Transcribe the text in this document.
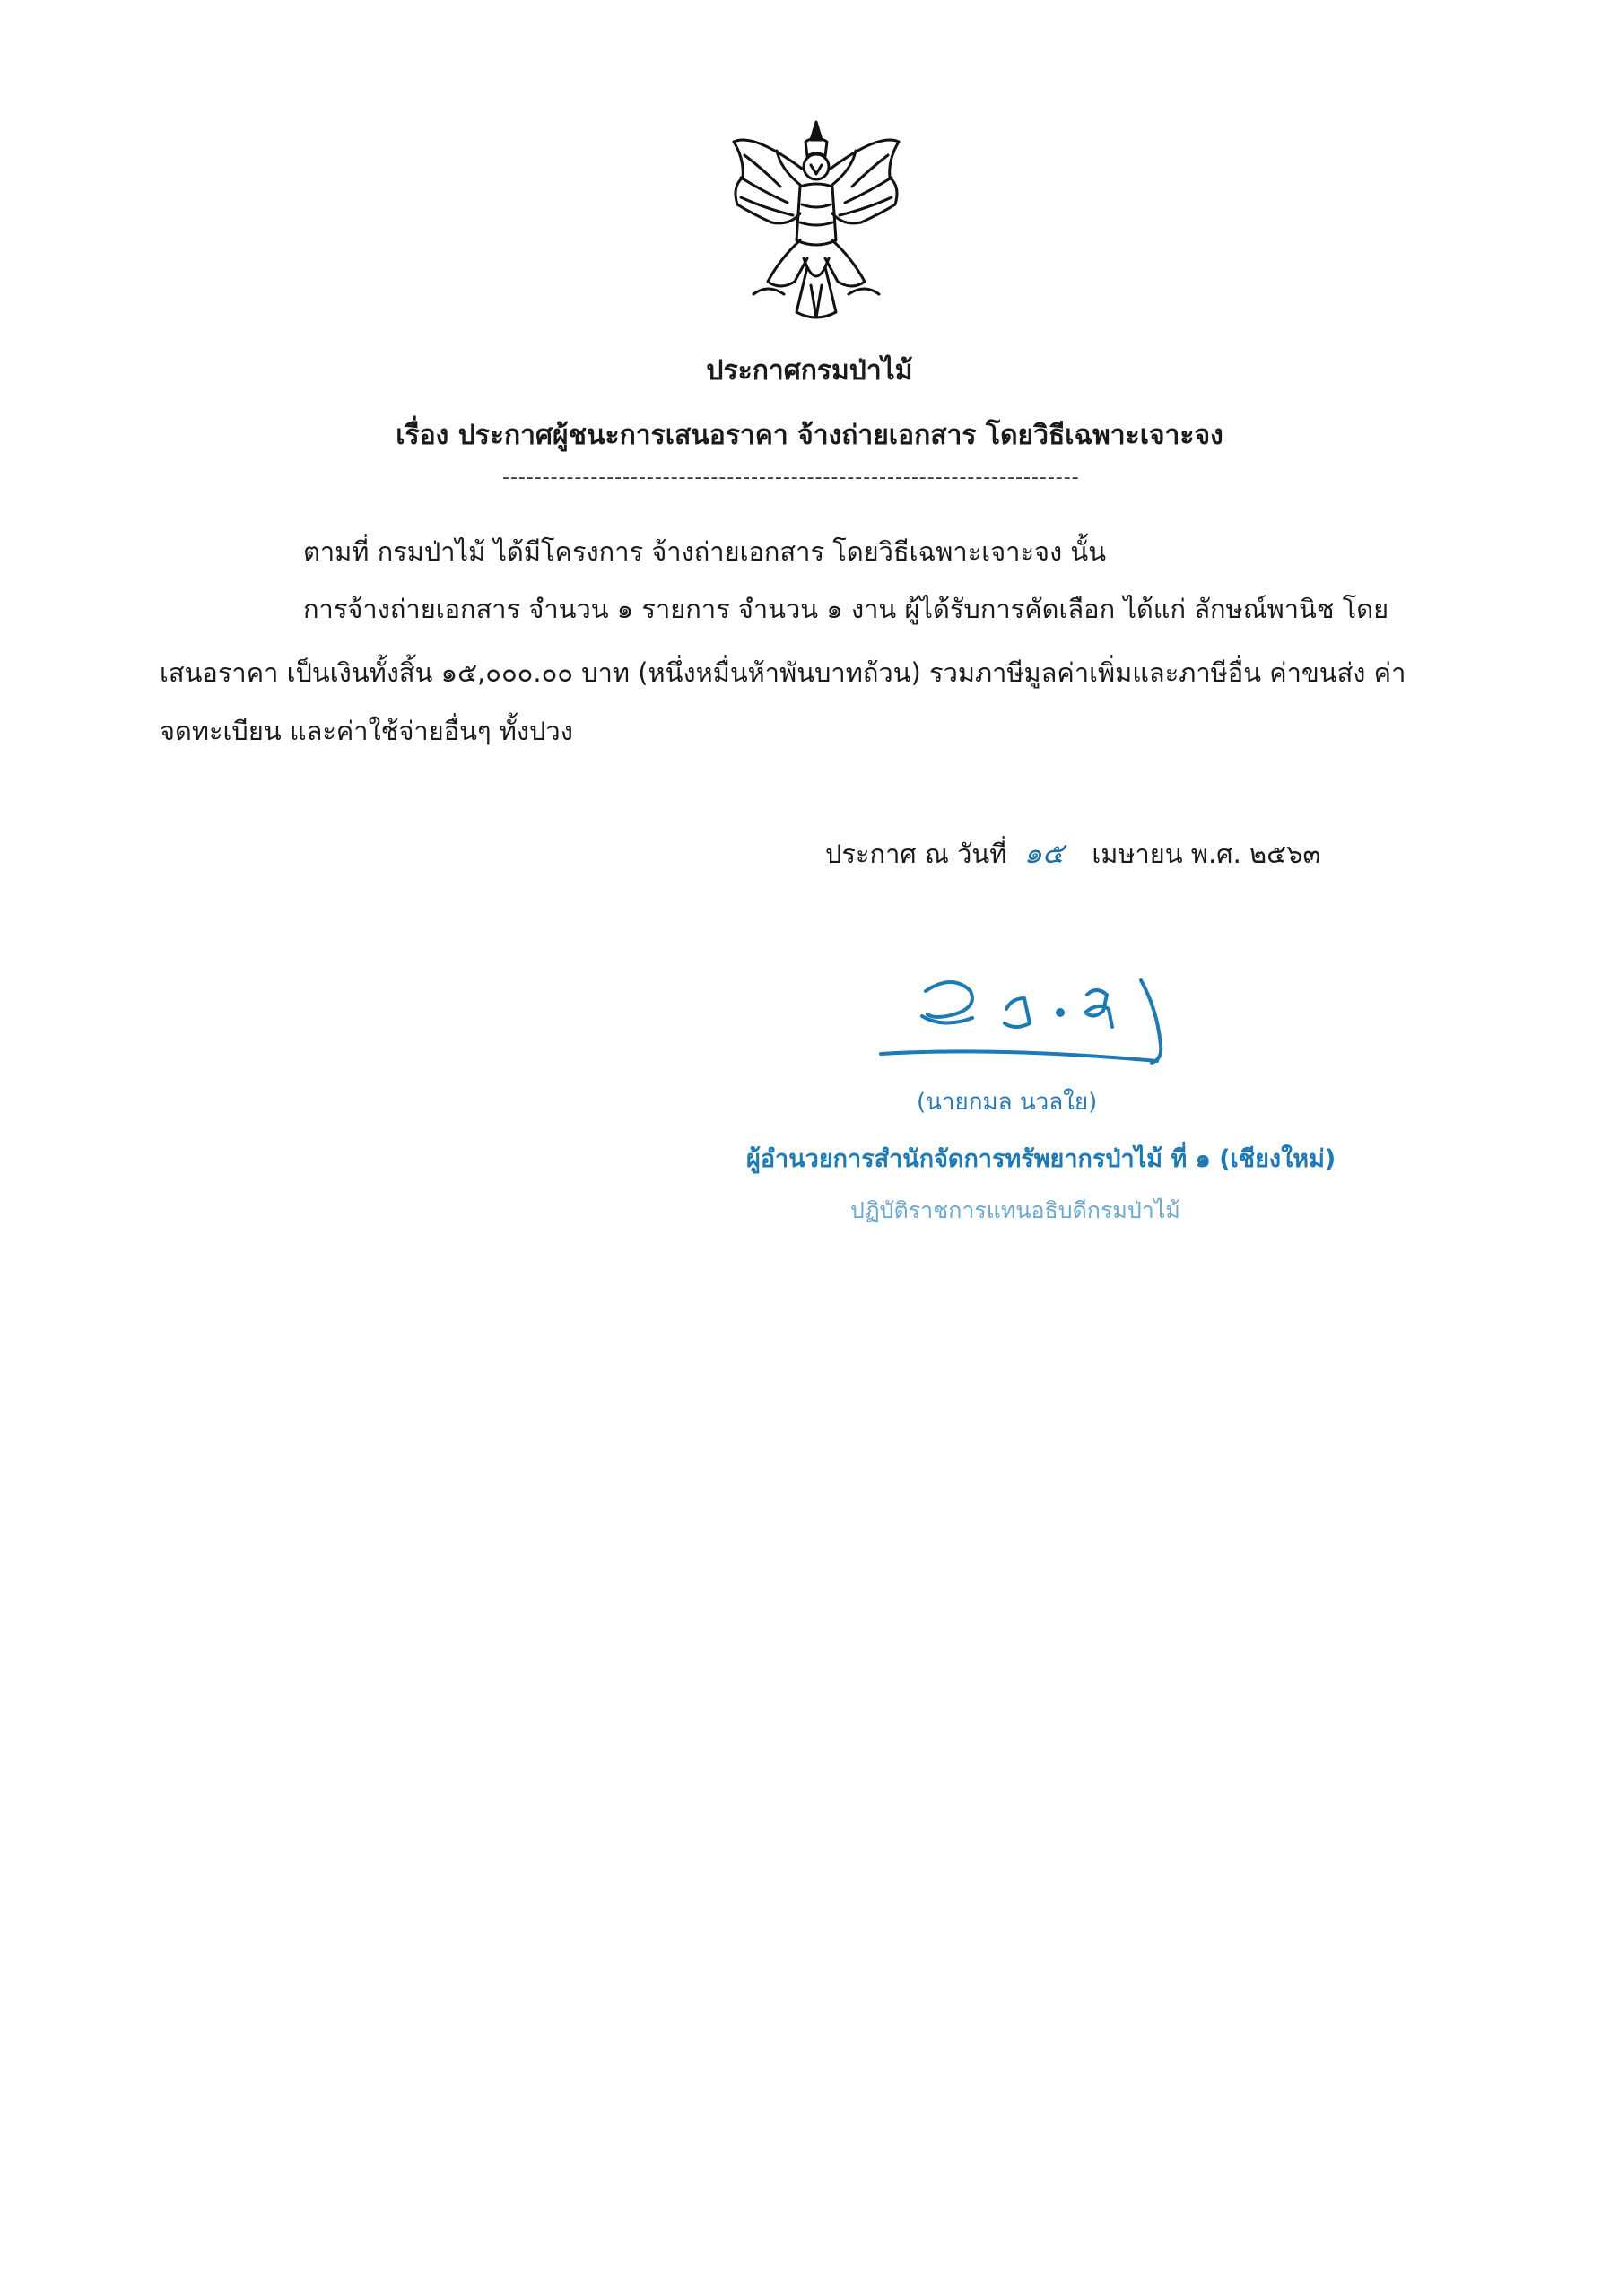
ประกาศกรมป่าไม้
เรื่อง ประกาศผู้ชนะการเสนอราคา จ้างถ่ายเอกสาร โดยวิธีเฉพาะเจาะจง
------------------------------------------------------------------------
ตามที่ กรมป่าไม้ ได้มีโครงการ จ้างถ่ายเอกสาร โดยวิธีเฉพาะเจาะจง นั้น
การจ้างถ่ายเอกสาร จำนวน ๑ รายการ จำนวน ๑ งาน ผู้ได้รับการคัดเลือก ได้แก่ ลักษณ์พานิช โดย
เสนอราคา เป็นเงินทั้งสิ้น ๑๕,๐๐๐.๐๐ บาท (หนึ่งหมื่นห้าพันบาทถ้วน) รวมภาษีมูลค่าเพิ่มและภาษีอื่น ค่าขนส่ง ค่า
จดทะเบียน และค่าใช้จ่ายอื่นๆ ทั้งปวง
ประกาศ ณ วันที่ ๑๕ เมษายน พ.ศ. ๒๕๖๓
(นายกมล นวลใย)
ผู้อำนวยการสำนักจัดการทรัพยากรป่าไม้ ที่ ๑ (เชียงใหม่)
ปฏิบัติราชการแทนอธิบดีกรมป่าไม้
